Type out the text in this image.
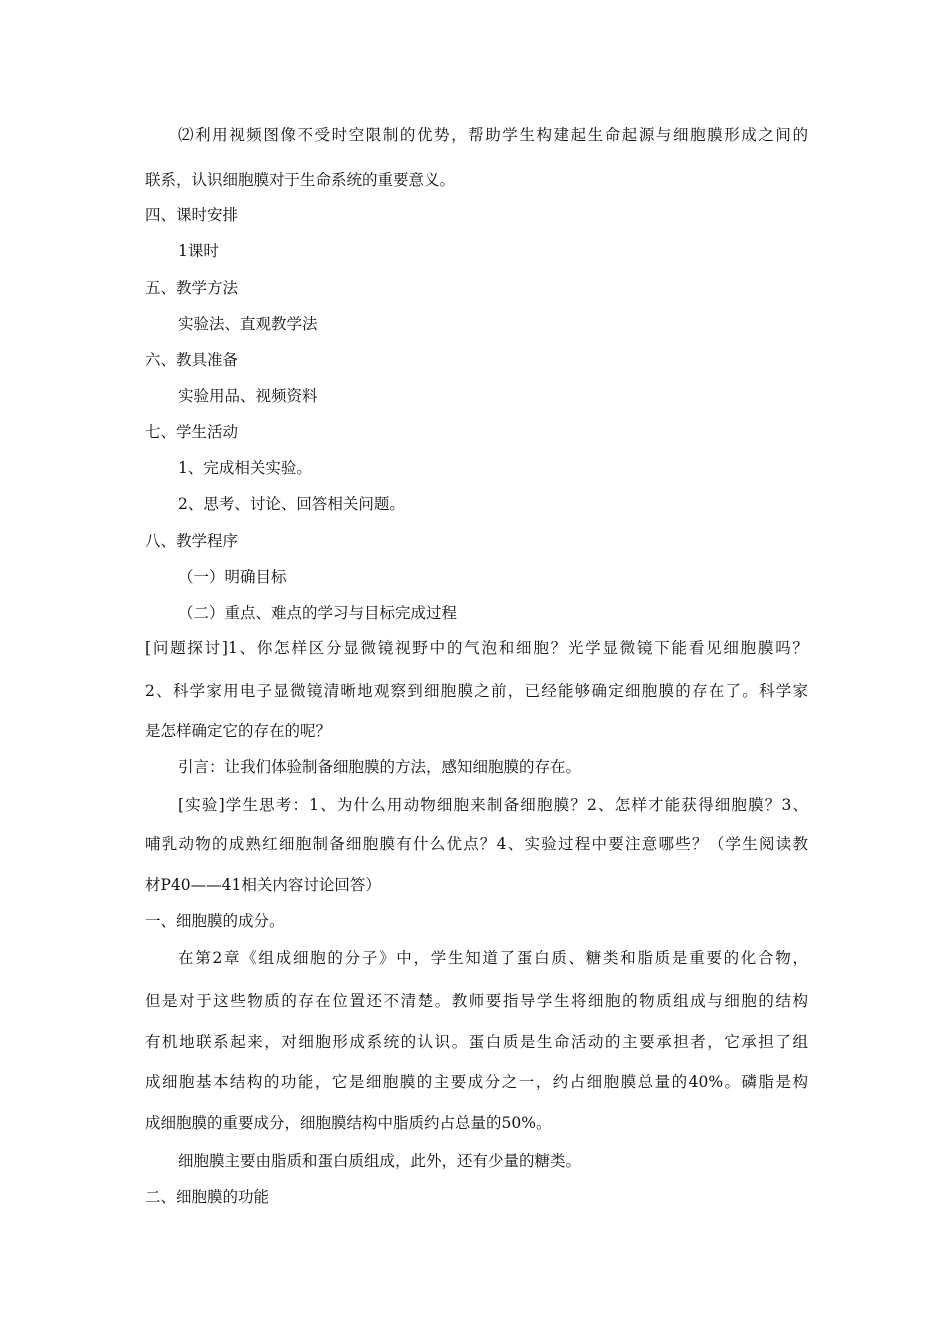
⑵利用视频图像不受时空限制的优势，帮助学生构建起生命起源与细胞膜形成之间的
联系，认识细胞膜对于生命系统的重要意义。
四、课时安排
1课时
五、教学方法
实验法、直观教学法
六、教具准备
实验用品、视频资料
七、学生活动
1、完成相关实验。
2、思考、讨论、回答相关问题。
八、教学程序
（一）明确目标
（二）重点、难点的学习与目标完成过程
[问题探讨]1、你怎样区分显微镜视野中的气泡和细胞？光学显微镜下能看见细胞膜吗？
2、科学家用电子显微镜清晰地观察到细胞膜之前，已经能够确定细胞膜的存在了。科学家
是怎样确定它的存在的呢？
引言：让我们体验制备细胞膜的方法，感知细胞膜的存在。
[实验]学生思考：1、为什么用动物细胞来制备细胞膜？2、怎样才能获得细胞膜？3、
哺乳动物的成熟红细胞制备细胞膜有什么优点？4、实验过程中要注意哪些？（学生阅读教
材P40——41相关内容讨论回答）
一、细胞膜的成分。
在第2章《组成细胞的分子》中，学生知道了蛋白质、糖类和脂质是重要的化合物，
但是对于这些物质的存在位置还不清楚。教师要指导学生将细胞的物质组成与细胞的结构
有机地联系起来，对细胞形成系统的认识。蛋白质是生命活动的主要承担者，它承担了组
成细胞基本结构的功能，它是细胞膜的主要成分之一，约占细胞膜总量的40%。磷脂是构
成细胞膜的重要成分，细胞膜结构中脂质约占总量的50%。
细胞膜主要由脂质和蛋白质组成，此外，还有少量的糖类。
二、细胞膜的功能
